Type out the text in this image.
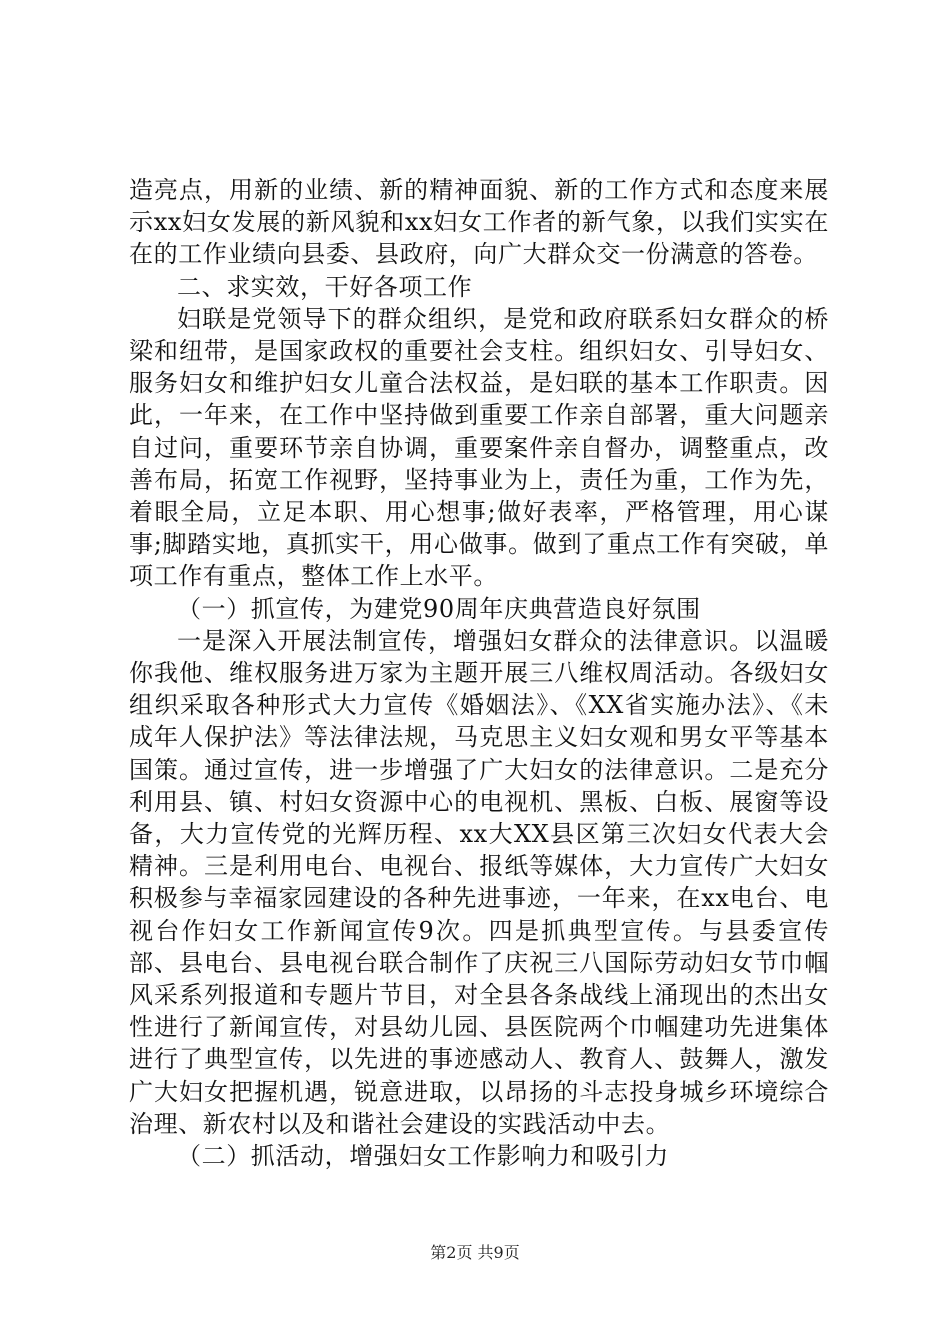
造亮点，用新的业绩、新的精神面貌、新的工作方式和态度来展示xx妇女发展的新风貌和xx妇女工作者的新气象，以我们实实在在的工作业绩向县委、县政府，向广大群众交一份满意的答卷。

二、求实效，干好各项工作

妇联是党领导下的群众组织，是党和政府联系妇女群众的桥梁和纽带，是国家政权的重要社会支柱。组织妇女、引导妇女、服务妇女和维护妇女儿童合法权益，是妇联的基本工作职责。因此，一年来，在工作中坚持做到重要工作亲自部署，重大问题亲自过问，重要环节亲自协调，重要案件亲自督办，调整重点，改善布局，拓宽工作视野，坚持事业为上，责任为重，工作为先，着眼全局，立足本职、用心想事;做好表率，严格管理，用心谋事;脚踏实地，真抓实干，用心做事。做到了重点工作有突破，单项工作有重点，整体工作上水平。

（一）抓宣传，为建党90周年庆典营造良好氛围

一是深入开展法制宣传，增强妇女群众的法律意识。以温暖你我他、维权服务进万家为主题开展三八维权周活动。各级妇女组织采取各种形式大力宣传《婚姻法》、《XX省实施办法》、《未成年人保护法》等法律法规，马克思主义妇女观和男女平等基本国策。通过宣传，进一步增强了广大妇女的法律意识。二是充分利用县、镇、村妇女资源中心的电视机、黑板、白板、展窗等设备，大力宣传党的光辉历程、xx大XX县区第三次妇女代表大会精神。三是利用电台、电视台、报纸等媒体，大力宣传广大妇女积极参与幸福家园建设的各种先进事迹，一年来，在xx电台、电视台作妇女工作新闻宣传9次。四是抓典型宣传。与县委宣传部、县电台、县电视台联合制作了庆祝三八国际劳动妇女节巾帼风采系列报道和专题片节目，对全县各条战线上涌现出的杰出女性进行了新闻宣传，对县幼儿园、县医院两个巾帼建功先进集体进行了典型宣传，以先进的事迹感动人、教育人、鼓舞人，激发广大妇女把握机遇，锐意进取，以昂扬的斗志投身城乡环境综合治理、新农村以及和谐社会建设的实践活动中去。

（二）抓活动，增强妇女工作影响力和吸引力

第2页 共9页
